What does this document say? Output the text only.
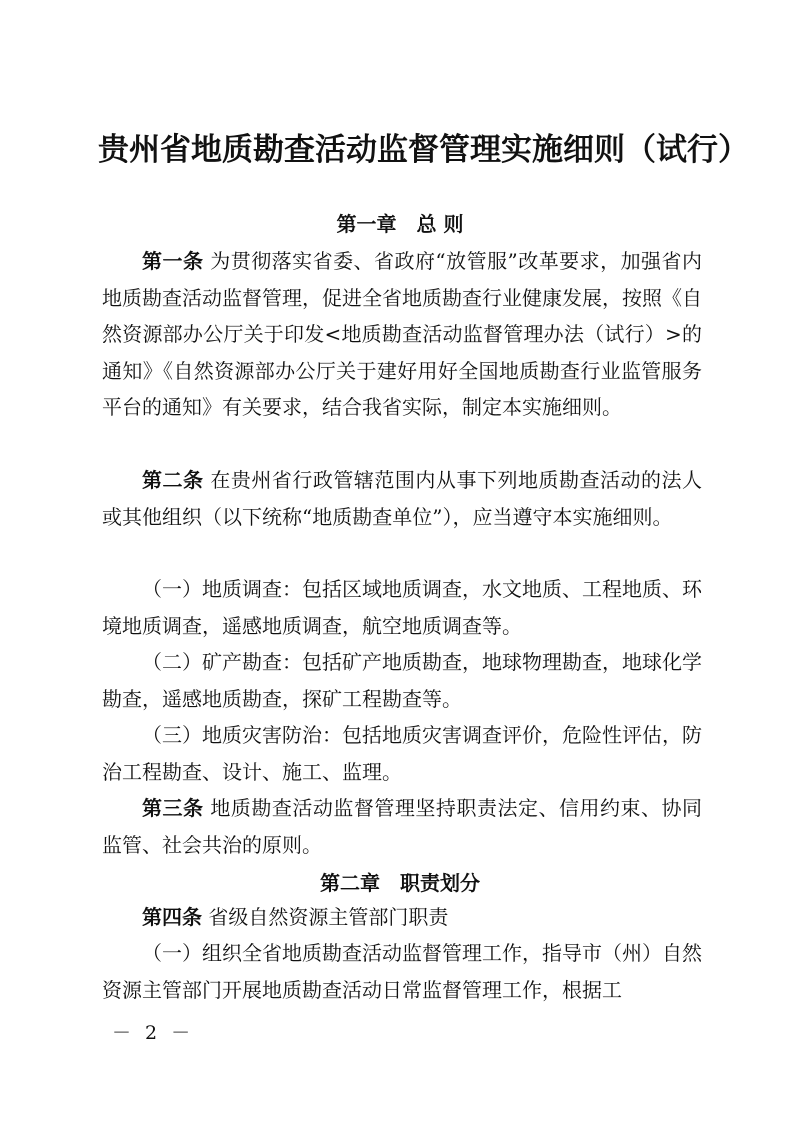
贵州省地质勘查活动监督管理实施细则（试行）
第一章　总 则

第一条 为贯彻落实省委、省政府“放管服”改革要求，加强省内地质勘查活动监督管理，促进全省地质勘查行业健康发展，按照《自然资源部办公厅关于印发<地质勘查活动监督管理办法（试行）>的通知》《自然资源部办公厅关于建好用好全国地质勘查行业监管服务平台的通知》有关要求，结合我省实际，制定本实施细则。

第二条 在贵州省行政管辖范围内从事下列地质勘查活动的法人或其他组织（以下统称“地质勘查单位”），应当遵守本实施细则。

（一）地质调查：包括区域地质调查，水文地质、工程地质、环境地质调查，遥感地质调查，航空地质调查等。

（二）矿产勘查：包括矿产地质勘查，地球物理勘查，地球化学勘查，遥感地质勘查，探矿工程勘查等。

（三）地质灾害防治：包括地质灾害调查评价，危险性评估，防治工程勘查、设计、施工、监理。

第三条 地质勘查活动监督管理坚持职责法定、信用约束、协同监管、社会共治的原则。

第二章　职责划分

第四条 省级自然资源主管部门职责

（一）组织全省地质勘查活动监督管理工作，指导市（州）自然资源主管部门开展地质勘查活动日常监督管理工作，根据工

－ 2 －
